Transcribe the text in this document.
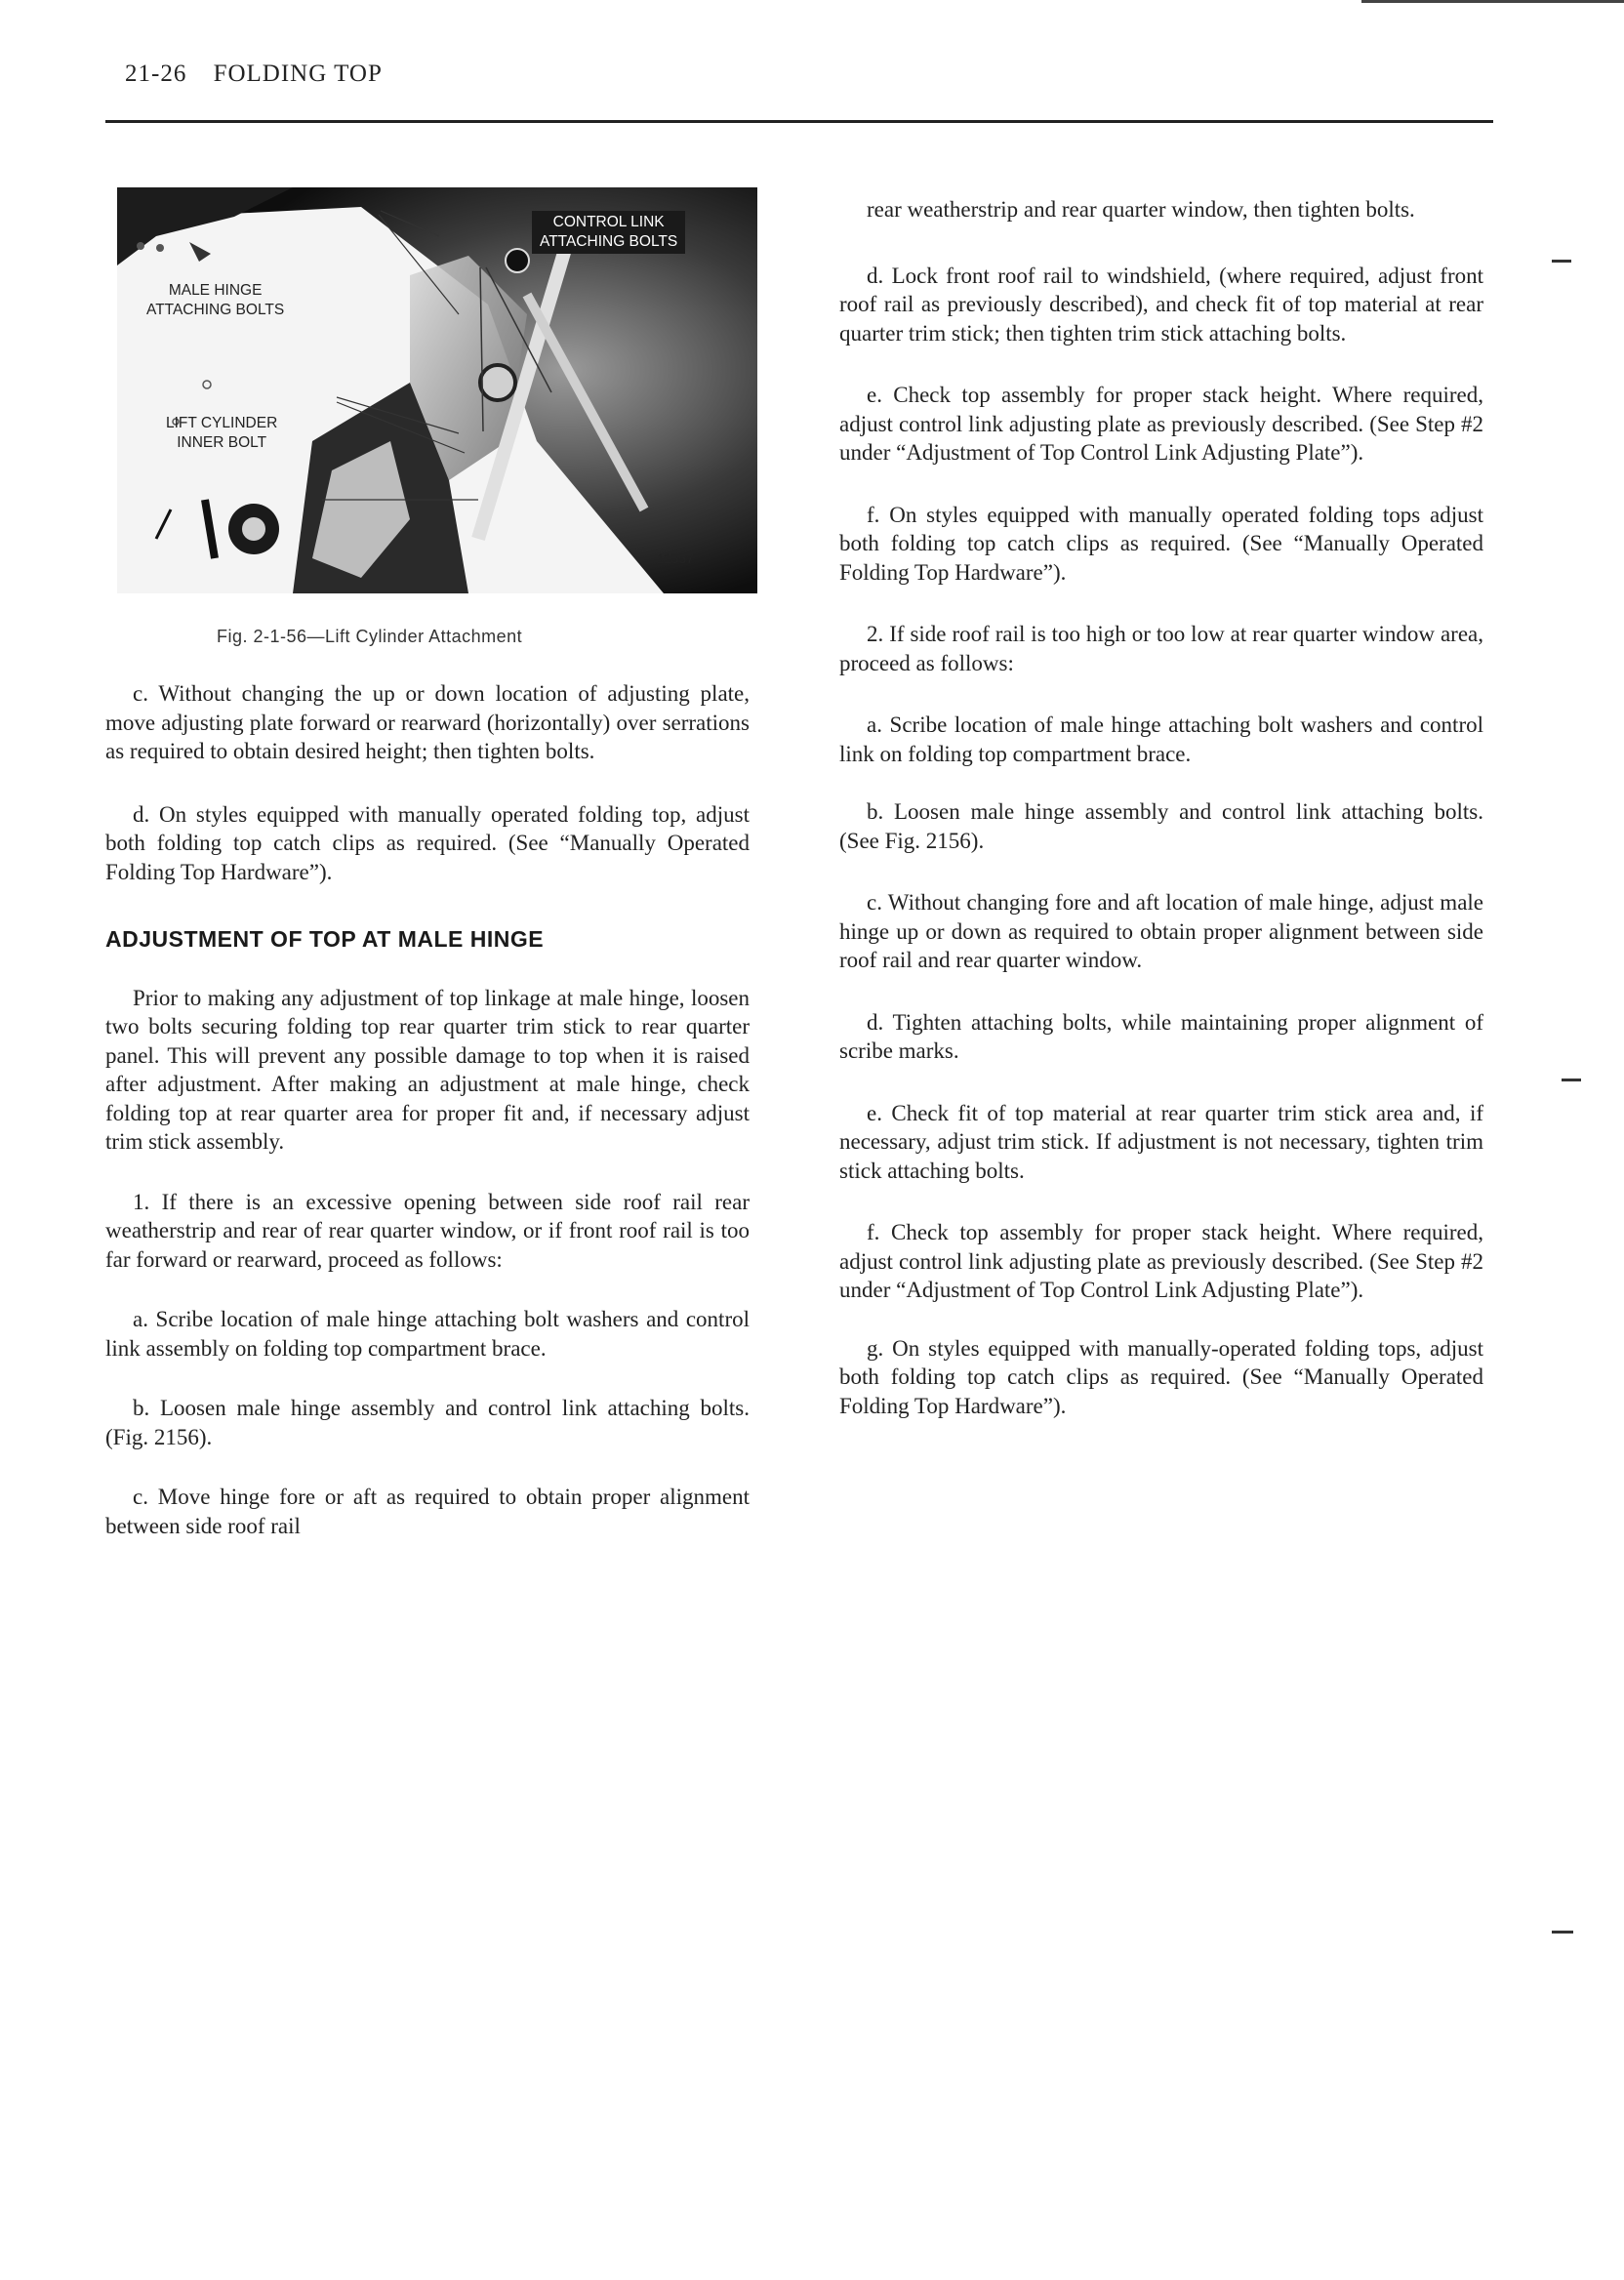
21-26 FOLDING TOP
CONTROL LINK
ATTACHING BOLTS
MALE HINGE
ATTACHING BOLTS
LIFT CYLINDER
INNER BOLT
11557
Fig. 2-1-56—Lift Cylinder Attachment

c. Without changing the up or down location of adjusting plate, move adjusting plate forward or rearward (horizontally) over serrations as required to obtain desired height; then tighten bolts.

d. On styles equipped with manually operated folding top, adjust both folding top catch clips as required. (See “Manually Operated Folding Top Hardware”).

ADJUSTMENT OF TOP AT MALE HINGE

Prior to making any adjustment of top linkage at male hinge, loosen two bolts securing folding top rear quarter trim stick to rear quarter panel. This will prevent any possible damage to top when it is raised after adjustment. After making an adjustment at male hinge, check folding top at rear quarter area for proper fit and, if necessary adjust trim stick assembly.

1. If there is an excessive opening between side roof rail rear weatherstrip and rear of rear quarter window, or if front roof rail is too far forward or rearward, proceed as follows:

a. Scribe location of male hinge attaching bolt washers and control link assembly on folding top compartment brace.

b. Loosen male hinge assembly and control link attaching bolts. (Fig. 2156).

c. Move hinge fore or aft as required to obtain proper alignment between side roof rail

rear weatherstrip and rear quarter window, then tighten bolts.

d. Lock front roof rail to windshield, (where required, adjust front roof rail as previously described), and check fit of top material at rear quarter trim stick; then tighten trim stick attaching bolts.

e. Check top assembly for proper stack height. Where required, adjust control link adjusting plate as previously described. (See Step #2 under “Adjustment of Top Control Link Adjusting Plate”).

f. On styles equipped with manually operated folding tops adjust both folding top catch clips as required. (See “Manually Operated Folding Top Hardware”).

2. If side roof rail is too high or too low at rear quarter window area, proceed as follows:

a. Scribe location of male hinge attaching bolt washers and control link on folding top compartment brace.

b. Loosen male hinge assembly and control link attaching bolts. (See Fig. 2156).

c. Without changing fore and aft location of male hinge, adjust male hinge up or down as required to obtain proper alignment between side roof rail and rear quarter window.

d. Tighten attaching bolts, while maintaining proper alignment of scribe marks.

e. Check fit of top material at rear quarter trim stick area and, if necessary, adjust trim stick. If adjustment is not necessary, tighten trim stick attaching bolts.

f. Check top assembly for proper stack height. Where required, adjust control link adjusting plate as previously described. (See Step #2 under “Adjustment of Top Control Link Adjusting Plate”).

g. On styles equipped with manually-operated folding tops, adjust both folding top catch clips as required. (See “Manually Operated Folding Top Hardware”).
